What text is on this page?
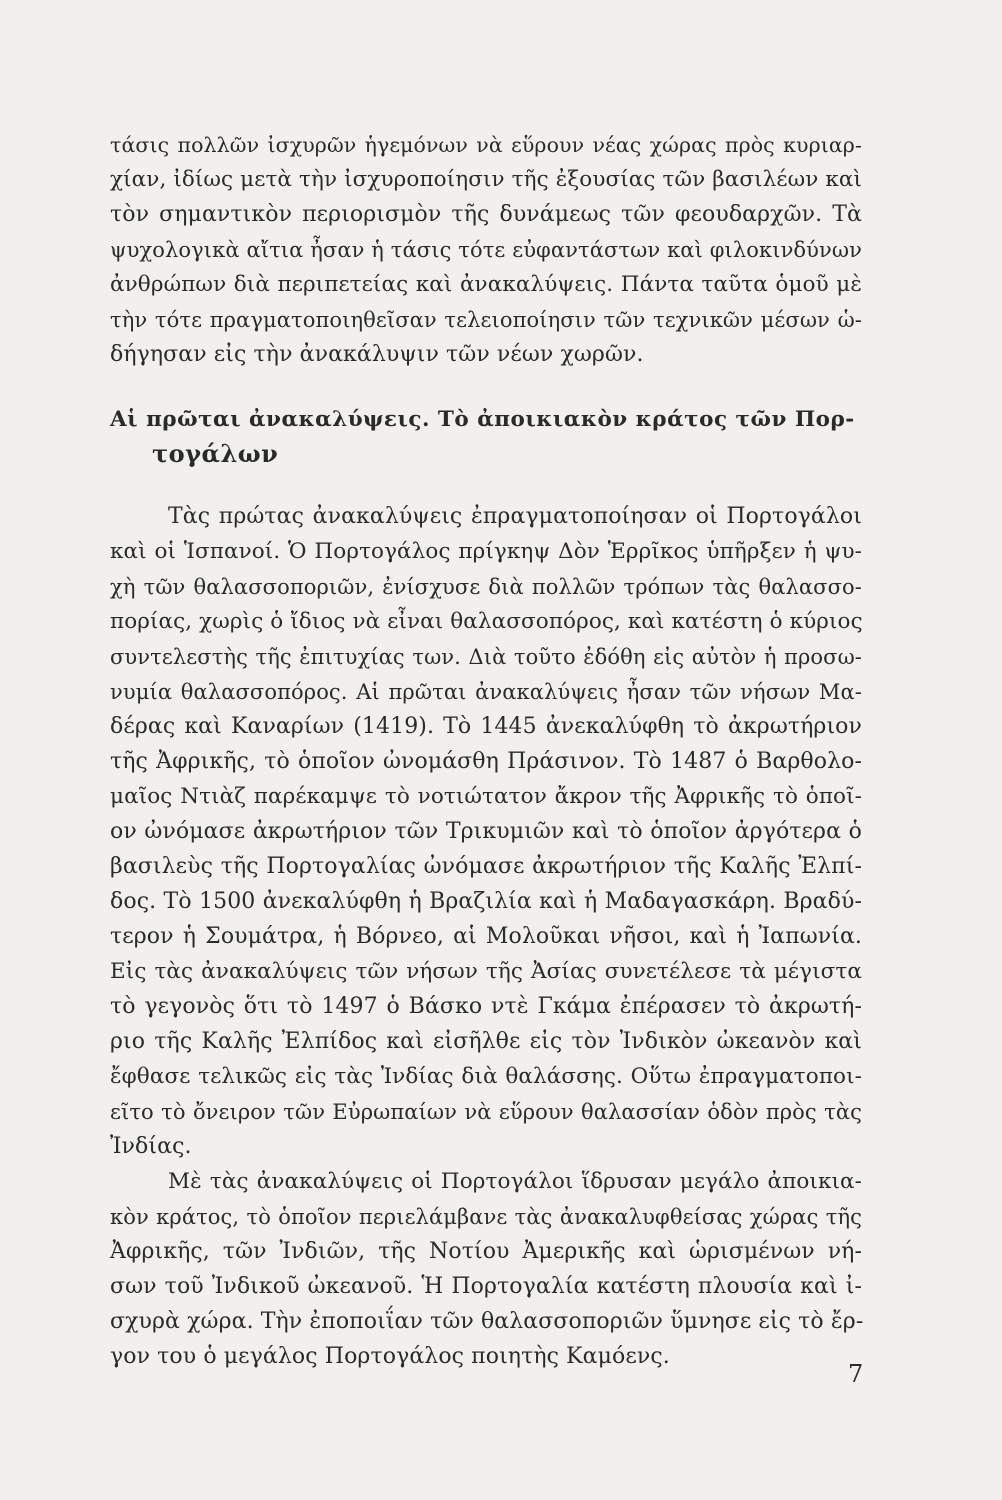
τάσις πολλῶν ἰσχυρῶν ἡγεμόνων νὰ εὕρουν νέας χώρας πρὸς κυριαρ-
χίαν, ἰδίως μετὰ τὴν ἰσχυροποίησιν τῆς ἐξουσίας τῶν βασιλέων καὶ
τὸν σημαντικὸν περιορισμὸν τῆς δυνάμεως τῶν φεουδαρχῶν. Τὰ
ψυχολογικὰ αἴτια ἦσαν ἡ τάσις τότε εὐφαντάστων καὶ φιλοκινδύνων
ἀνθρώπων διὰ περιπετείας καὶ ἀνακαλύψεις. Πάντα ταῦτα ὁμοῦ μὲ
τὴν τότε πραγματοποιηθεῖσαν τελειοποίησιν τῶν τεχνικῶν μέσων ὡ-
δήγησαν εἰς τὴν ἀνακάλυψιν τῶν νέων χωρῶν.
Αἱ πρῶται ἀνακαλύψεις. Τὸ ἀποικιακὸν κράτος τῶν Πορ-
τογάλων
Τὰς πρώτας ἀνακαλύψεις ἐπραγματοποίησαν οἱ Πορτογάλοι
καὶ οἱ Ἱσπανοί. Ὁ Πορτογάλος πρίγκηψ Δὸν Ἑρρῖκος ὑπῆρξεν ἡ ψυ-
χὴ τῶν θαλασσοποριῶν, ἐνίσχυσε διὰ πολλῶν τρόπων τὰς θαλασσο-
πορίας, χωρὶς ὁ ἴδιος νὰ εἶναι θαλασσοπόρος, καὶ κατέστη ὁ κύριος
συντελεστὴς τῆς ἐπιτυχίας των. Διὰ τοῦτο ἐδόθη εἰς αὐτὸν ἡ προσω-
νυμία θαλασσοπόρος. Αἱ πρῶται ἀνακαλύψεις ἦσαν τῶν νήσων Μα-
δέρας καὶ Καναρίων (1419). Τὸ 1445 ἀνεκαλύφθη τὸ ἀκρωτήριον
τῆς Ἀφρικῆς, τὸ ὁποῖον ὠνομάσθη Πράσινον. Τὸ 1487 ὁ Βαρθολο-
μαῖος Ντιὰζ παρέκαμψε τὸ νοτιώτατον ἄκρον τῆς Ἀφρικῆς τὸ ὁποῖ-
ον ὠνόμασε ἀκρωτήριον τῶν Τρικυμιῶν καὶ τὸ ὁποῖον ἀργότερα ὁ
βασιλεὺς τῆς Πορτογαλίας ὠνόμασε ἀκρωτήριον τῆς Καλῆς Ἐλπί-
δος. Τὸ 1500 ἀνεκαλύφθη ἡ Βραζιλία καὶ ἡ Μαδαγασκάρη. Βραδύ-
τερον ἡ Σουμάτρα, ἡ Βόρνεο, αἱ Μολοῦκαι νῆσοι, καὶ ἡ Ἰαπωνία.
Εἰς τὰς ἀνακαλύψεις τῶν νήσων τῆς Ἀσίας συνετέλεσε τὰ μέγιστα
τὸ γεγονὸς ὅτι τὸ 1497 ὁ Βάσκο ντὲ Γκάμα ἐπέρασεν τὸ ἀκρωτή-
ριο τῆς Καλῆς Ἐλπίδος καὶ εἰσῆλθε εἰς τὸν Ἰνδικὸν ὠκεανὸν καὶ
ἔφθασε τελικῶς εἰς τὰς Ἰνδίας διὰ θαλάσσης. Οὕτω ἐπραγματοποι-
εῖτο τὸ ὄνειρον τῶν Εὐρωπαίων νὰ εὕρουν θαλασσίαν ὁδὸν πρὸς τὰς
Ἰνδίας.
Μὲ τὰς ἀνακαλύψεις οἱ Πορτογάλοι ἵδρυσαν μεγάλο ἀποικια-
κὸν κράτος, τὸ ὁποῖον περιελάμβανε τὰς ἀνακαλυφθείσας χώρας τῆς
Ἀφρικῆς, τῶν Ἰνδιῶν, τῆς Νοτίου Ἀμερικῆς καὶ ὡρισμένων νή-
σων τοῦ Ἰνδικοῦ ὠκεανοῦ. Ἡ Πορτογαλία κατέστη πλουσία καὶ ἰ-
σχυρὰ χώρα. Τὴν ἐποποιΐαν τῶν θαλασσοποριῶν ὕμνησε εἰς τὸ ἔρ-
γον του ὁ μεγάλος Πορτογάλος ποιητὴς Καμόενς.
7
